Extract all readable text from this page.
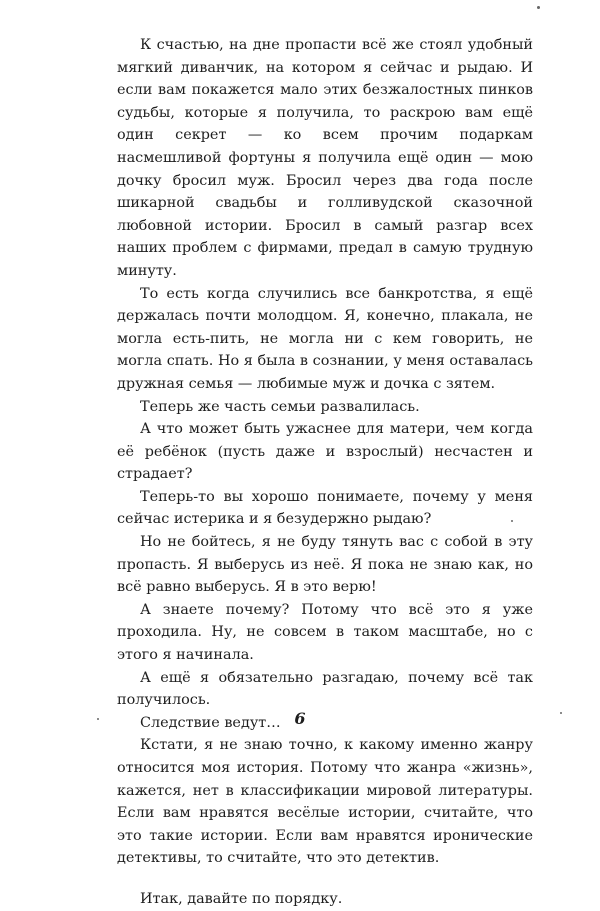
К счастью, на дне пропасти всё же стоял удобный мягкий диванчик, на котором я сейчас и рыдаю. И если вам покажется мало этих безжалостных пинков судьбы, которые я получила, то раскрою вам ещё один секрет — ко всем прочим подаркам насмешливой фортуны я получила ещё один — мою дочку бросил муж. Бросил через два года после шикарной свадьбы и голливудской сказочной любовной истории. Бросил в самый разгар всех наших проблем с фирмами, предал в самую трудную минуту.

То есть когда случились все банкротства, я ещё держалась почти молодцом. Я, конечно, плакала, не могла есть-пить, не могла ни с кем говорить, не могла спать. Но я была в сознании, у меня оставалась дружная семья — любимые муж и дочка с зятем.

Теперь же часть семьи развалилась.

А что может быть ужаснее для матери, чем когда её ребёнок (пусть даже и взрослый) несчастен и страдает?

Теперь-то вы хорошо понимаете, почему у меня сейчас истерика и я безудержно рыдаю?

Но не бойтесь, я не буду тянуть вас с собой в эту пропасть. Я выберусь из неё. Я пока не знаю как, но всё равно выберусь. Я в это верю!

А знаете почему? Потому что всё это я уже проходила. Ну, не совсем в таком масштабе, но с этого я начинала.

А ещё я обязательно разгадаю, почему всё так получилось.

Следствие ведут…

Кстати, я не знаю точно, к какому именно жанру относится моя история. Потому что жанра «жизнь», кажется, нет в классификации мировой литературы. Если вам нравятся весёлые истории, считайте, что это такие истории. Если вам нравятся иронические детективы, то считайте, что это детектив.

Итак, давайте по порядку.

6
